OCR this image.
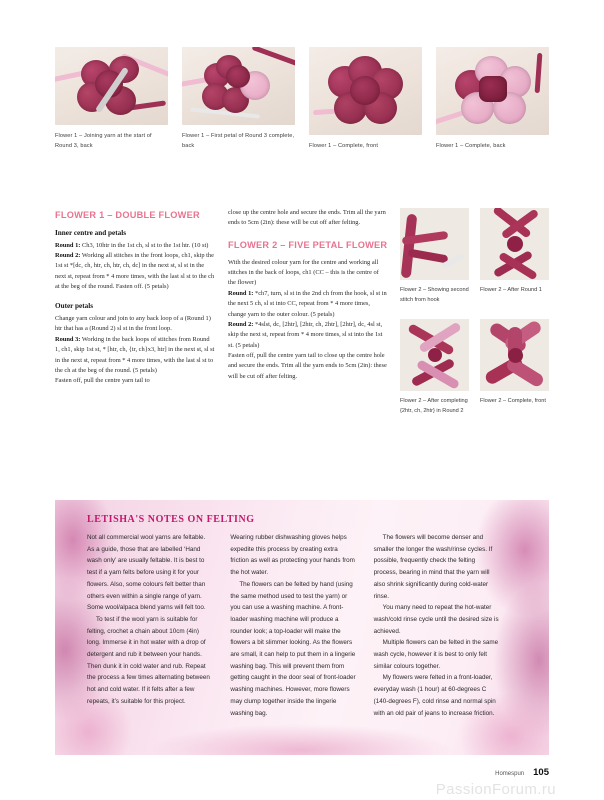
Flower 1 – Joining yarn at the start of Round 3, back
Flower 1 – First petal of Round 3 complete, back	Flower 1 – Complete, front	Flower 1 – Complete, back
FLOWER 1 – DOUBLE FLOWER
Inner centre and petals

Round 1: Ch3, 10htr in the 1st ch, sl st to the 1st htr. (10 st)

Round 2: Working all stitches in the front loops, ch1, skip the 1st st *[dc, ch, htr, ch, htr, ch, dc] in the next st, sl st in the next st, repeat from * 4 more times, with the last sl st to the ch at the beg of the round. Fasten off. (5 petals)

Outer petals

Change yarn colour and join to any back loop of a (Round 1) htr that has a (Round 2) sl st in the front loop.

Round 3: Working in the back loops of stitches from Round 1, ch1, skip 1st st, * [htr, ch, {tr, ch}x3, htr] in the next st, sl st in the next st, repeat from * 4 more times, with the last sl st to the ch at the beg of the round. (5 petals)

Fasten off, pull the centre yarn tail to

close up the centre hole and secure the ends. Trim all the yarn ends to 5cm (2in): these will be cut off after felting.

FLOWER 2 – FIVE PETAL FLOWER

With the desired colour yarn for the centre and working all stitches in the back of loops, ch1 (CC – this is the centre of the flower)

Round 1: *ch7, turn, sl st in the 2nd ch from the hook, sl st in the next 5 ch, sl st into CC, repeat from * 4 more times, change yarn to the outer colour. (5 petals)

Round 2: *4slst, dc, [2htr], [2htr, ch, 2htr], [2htr], dc, 4sl st, skip the next st, repeat from * 4 more times, sl st into the 1st st. (5 petals)

Fasten off, pull the centre yarn tail to close up the centre hole and secure the ends. Trim all the yarn ends to 5cm (2in): these will be cut off after felting.

Flower 2 – Showing second stitch from hook
Flower 2 – After Round 1
Flower 2 – After completing {2htr, ch, 2htr} in Round 2
Flower 2 – Complete, front
LETISHA'S NOTES ON FELTING

Not all commercial wool yarns are feltable. As a guide, those that are labelled ‘Hand wash only’ are usually feltable. It is best to test if a yarn felts before using it for your flowers. Also, some colours felt better than others even within a single range of yarn. Some wool/alpaca blend yarns will felt too.

To test if the wool yarn is suitable for felting, crochet a chain about 10cm (4in) long. Immerse it in hot water with a drop of detergent and rub it between your hands. Then dunk it in cold water and rub. Repeat the process a few times alternating between hot and cold water. If it felts after a few repeats, it’s suitable for this project.

Wearing rubber dishwashing gloves helps expedite this process by creating extra friction as well as protecting your hands from the hot water.

The flowers can be felted by hand (using the same method used to test the yarn) or you can use a washing machine. A front-loader washing machine will produce a rounder look; a top-loader will make the flowers a bit slimmer looking. As the flowers are small, it can help to put them in a lingerie washing bag. This will prevent them from getting caught in the door seal of front-loader washing machines. However, more flowers may clump together inside the lingerie washing bag.

The flowers will become denser and smaller the longer the wash/rinse cycles. If possible, frequently check the felting process, bearing in mind that the yarn will also shrink significantly during cold-water rinse.

You many need to repeat the hot-water wash/cold rinse cycle until the desired size is achieved.

Multiple flowers can be felted in the same wash cycle, however it is best to only felt similar colours together.

My flowers were felted in a front-loader, everyday wash (1 hour) at 60-degrees C (140-degrees F), cold rinse and normal spin with an old pair of jeans to increase friction.

Homespun 105
PassionForum.ru
